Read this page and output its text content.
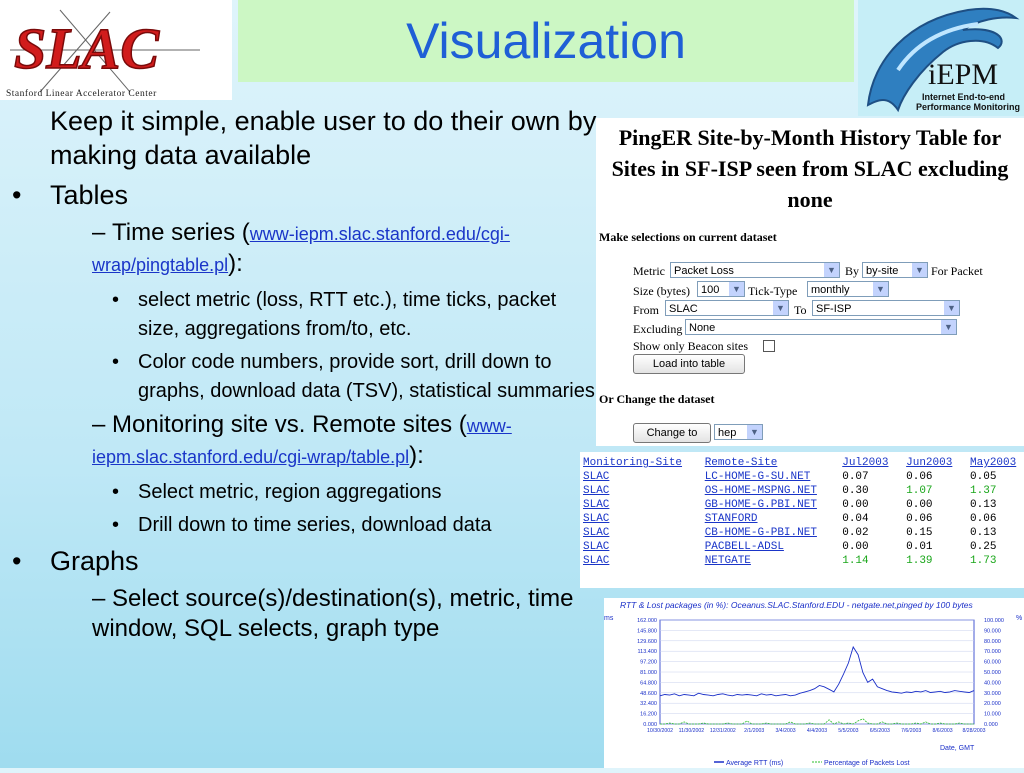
SLAC
Stanford Linear Accelerator Center
Visualization
iEPM
Internet End-to-end
Performance Monitoring
Keep it simple, enable user to do their own by making data available
• Tables
– Time series (www-iepm.slac.stanford.edu/cgi-wrap/pingtable.pl):
• select metric (loss, RTT etc.), time ticks, packet size, aggregations from/to, etc.
• Color code numbers, provide sort, drill down to graphs, download data (TSV), statistical summaries
– Monitoring site vs. Remote sites (www-iepm.slac.stanford.edu/cgi-wrap/table.pl):
• Select metric, region aggregations
• Drill down to time series, download data
• Graphs
– Select source(s)/destination(s), metric, time window, SQL selects, graph type
PingER Site-by-Month History Table for Sites in SF-ISP seen from SLAC excluding none
Make selections on current dataset
Metric Packet Loss	▼ By by-site	▼ For Packet
Size (bytes)	100	▼ Tick-Type	monthly	▼
From SLAC	▼ To SF-ISP	▼
Excluding None	▼
Show only Beacon sites
Load into table
Or Change the dataset
Change to	hep	▼
Monitoring-Site	Remote-Site	Jul2003	Jun2003	May2003
SLAC	LC-HOME-G-SU.NET	0.07	0.06	0.05
SLAC	OS-HOME-MSPNG.NET	0.30	1.07	1.37
SLAC	GB-HOME-G.PBI.NET	0.00	0.00	0.13
SLAC	STANFORD	0.04	0.06	0.06
SLAC	CB-HOME-G-PBI.NET	0.02	0.15	0.13
SLAC	PACBELL-ADSL	0.00	0.01	0.25
SLAC	NETGATE	1.14	1.39	1.73
RTT & Lost packages (in %): Oceanus.SLAC.Stanford.EDU - netgate.net,pinged by 100 bytes
ms	%
162.000	100.000
145.800	90.000
129.600	80.000
113.400	70.000
97.200	60.000
81.000	50.000
64.800	40.000
48.600	30.000
32.400	20.000
16.200	10.000
0.000	0.000
10/30/2002 11/30/2002 12/31/2002 2/1/2003 3/4/2003 4/4/2003 5/5/2003 6/5/2003 7/6/2003 8/6/2003 8/28/2003
Date, GMT
Average RTT (ms)	Percentage of Packets Lost
